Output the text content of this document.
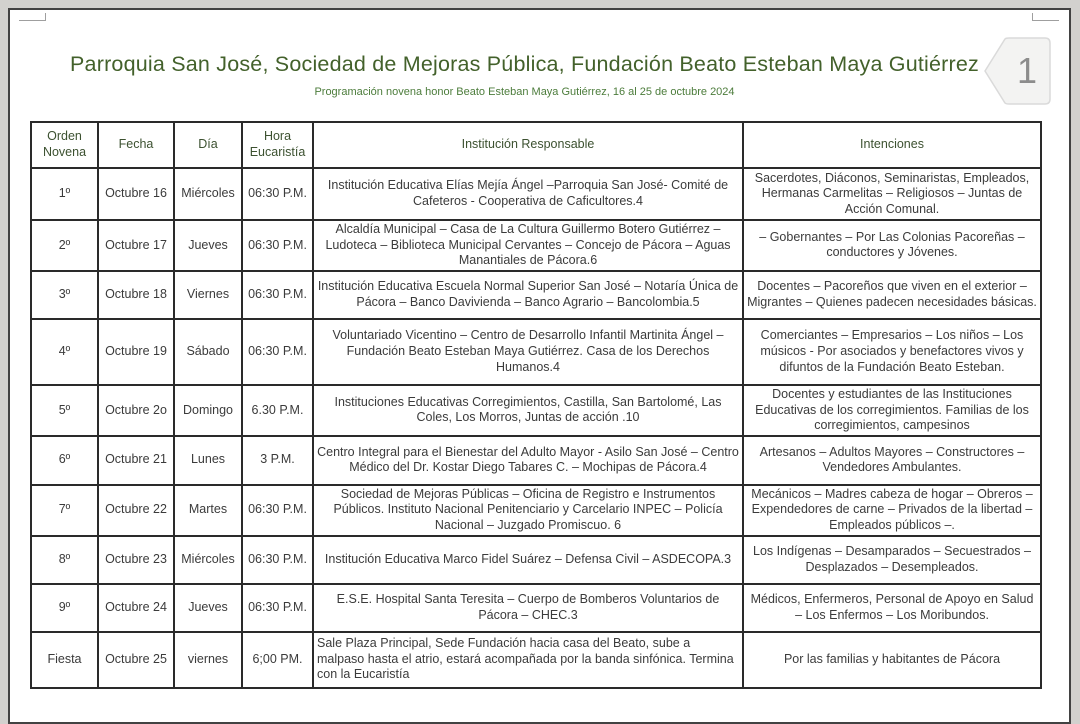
Parroquia San José, Sociedad de Mejoras Pública, Fundación Beato Esteban Maya Gutiérrez
Programación novena honor Beato Esteban Maya Gutiérrez, 16 al 25 de octubre 2024
1
Orden Novena	Fecha	Día	Hora Eucaristía	Institución Responsable	Intenciones
1º	Octubre 16	Miércoles	06:30 P.M.	Institución Educativa Elías Mejía Ángel –Parroquia San José- Comité de Cafeteros - Cooperativa de Caficultores.4	Sacerdotes, Diáconos, Seminaristas, Empleados, Hermanas Carmelitas – Religiosos – Juntas de Acción Comunal.
2º	Octubre 17	Jueves	06:30 P.M.	Alcaldía Municipal – Casa de La Cultura Guillermo Botero Gutiérrez – Ludoteca – Biblioteca Municipal Cervantes – Concejo de Pácora – Aguas Manantiales de Pácora.6	– Gobernantes – Por Las Colonias Pacoreñas – conductores y Jóvenes.
3º	Octubre 18	Viernes	06:30 P.M.	Institución Educativa Escuela Normal Superior San José – Notaría Única de Pácora – Banco Davivienda – Banco Agrario – Bancolombia.5	Docentes – Pacoreños que viven en el exterior – Migrantes – Quienes padecen necesidades básicas.
4º	Octubre 19	Sábado	06:30 P.M.	Voluntariado Vicentino – Centro de Desarrollo Infantil Martinita Ángel – Fundación Beato Esteban Maya Gutiérrez. Casa de los Derechos Humanos.4	Comerciantes – Empresarios – Los niños – Los músicos - Por asociados y benefactores vivos y difuntos de la Fundación Beato Esteban.
5º	Octubre 2o	Domingo	6.30 P.M.	Instituciones Educativas Corregimientos, Castilla, San Bartolomé, Las Coles, Los Morros, Juntas de acción .10	Docentes y estudiantes de las Instituciones Educativas de los corregimientos. Familias de los corregimientos, campesinos
6º	Octubre 21	Lunes	3 P.M.	Centro Integral para el Bienestar del Adulto Mayor - Asilo San José – Centro Médico del Dr. Kostar Diego Tabares C. – Mochipas de Pácora.4	Artesanos – Adultos Mayores – Constructores – Vendedores Ambulantes.
7º	Octubre 22	Martes	06:30 P.M.	Sociedad de Mejoras Públicas – Oficina de Registro e Instrumentos Públicos. Instituto Nacional Penitenciario y Carcelario INPEC – Policía Nacional – Juzgado Promiscuo. 6	Mecánicos – Madres cabeza de hogar – Obreros – Expendedores de carne – Privados de la libertad – Empleados públicos –.
8º	Octubre 23	Miércoles	06:30 P.M.	Institución Educativa Marco Fidel Suárez – Defensa Civil – ASDECOPA.3	Los Indígenas – Desamparados – Secuestrados – Desplazados – Desempleados.
9º	Octubre 24	Jueves	06:30 P.M.	E.S.E. Hospital Santa Teresita – Cuerpo de Bomberos Voluntarios de Pácora – CHEC.3	Médicos, Enfermeros, Personal de Apoyo en Salud – Los Enfermos – Los Moribundos.
Fiesta	Octubre 25	viernes	6;00 PM.	Sale Plaza Principal, Sede Fundación hacia casa del Beato, sube a malpaso hasta el atrio, estará acompañada por la banda sinfónica. Termina con la Eucaristía	Por las familias y habitantes de Pácora
